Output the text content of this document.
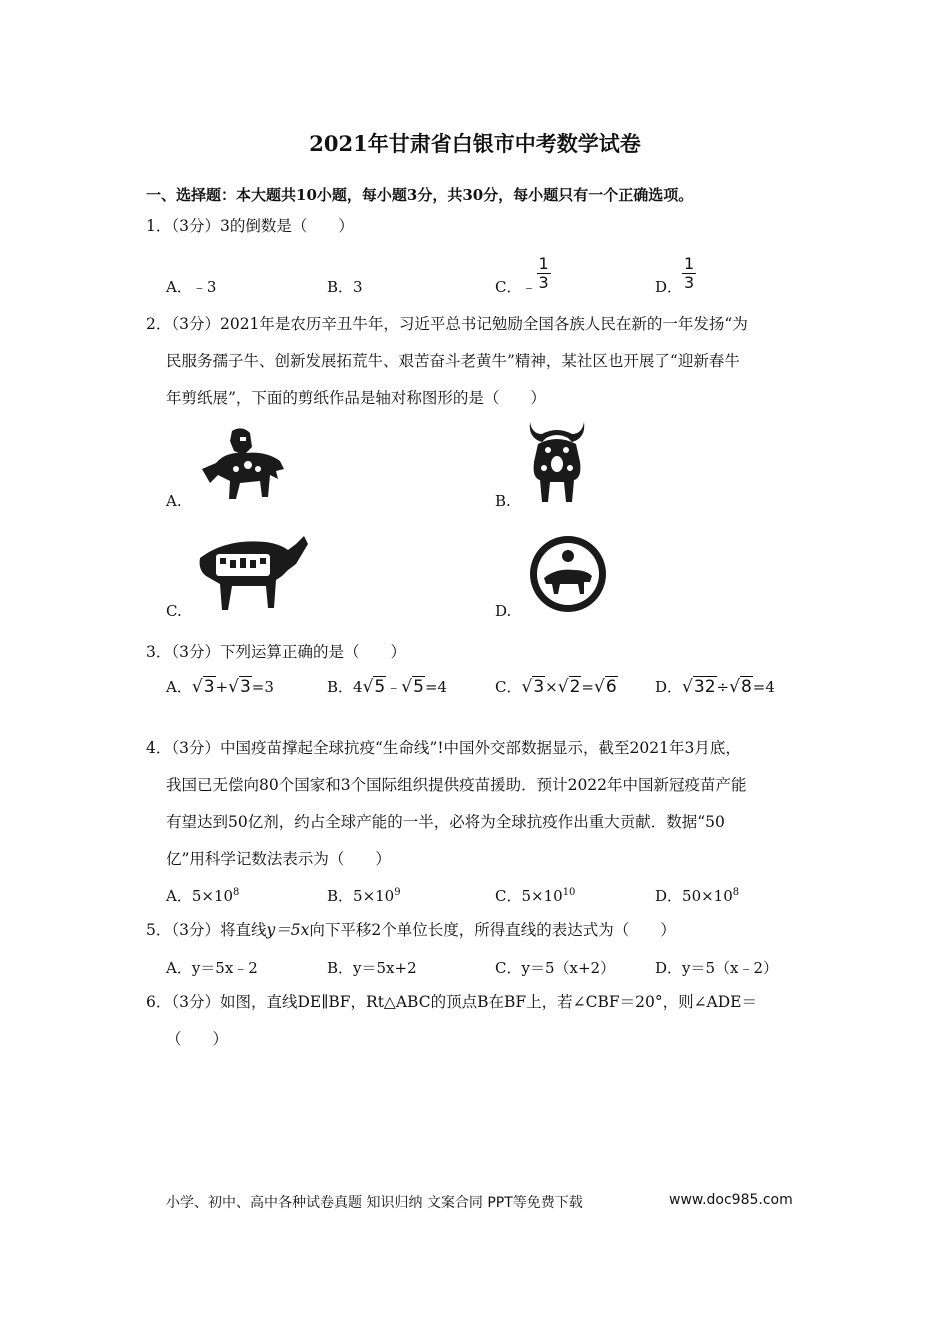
2021年甘肃省白银市中考数学试卷
一、选择题：本大题共10小题，每小题3分，共30分，每小题只有一个正确选项。
1．（3分）3的倒数是（　　）
A．﹣3	B．3	C．﹣ $\frac{1}{3}$	D． $\frac{1}{3}$
2．（3分）2021年是农历辛丑牛年，习近平总书记勉励全国各族人民在新的一年发扬“为
民服务孺子牛、创新发展拓荒牛、艰苦奋斗老黄牛”精神，某社区也开展了“迎新春牛
年剪纸展”，下面的剪纸作品是轴对称图形的是（　　）
A.	B.
C.	D.
3．（3分）下列运算正确的是（　　）
A．√3+√3=3	B．4√5﹣√5=4	C．√3×√2=√6	D．√32÷√8=4
4．（3分）中国疫苗撑起全球抗疫“生命线”!中国外交部数据显示，截至2021年3月底，
我国已无偿向80个国家和3个国际组织提供疫苗援助．预计2022年中国新冠疫苗产能
有望达到50亿剂，约占全球产能的一半，必将为全球抗疫作出重大贡献．数据“50
亿”用科学记数法表示为（　　）
A．$5\times 10^8$	B．$5\times 10^9$	C．$5\times 10^{10}$	D．$50\times 10^8$
5．（3分）将直线y＝5x向下平移2个单位长度，所得直线的表达式为（　　）
A．y＝5x﹣2	B．y＝5x+2	C．y＝5（x+2）	D．y＝5（x﹣2）
6．（3分）如图，直线DE∥BF，Rt△ABC的顶点B在BF上，若∠CBF＝20°，则∠ADE＝
（　　）
小学、初中、高中各种试卷真题 知识归纳 文案合同 PPT等免费下载	www.doc985.com
